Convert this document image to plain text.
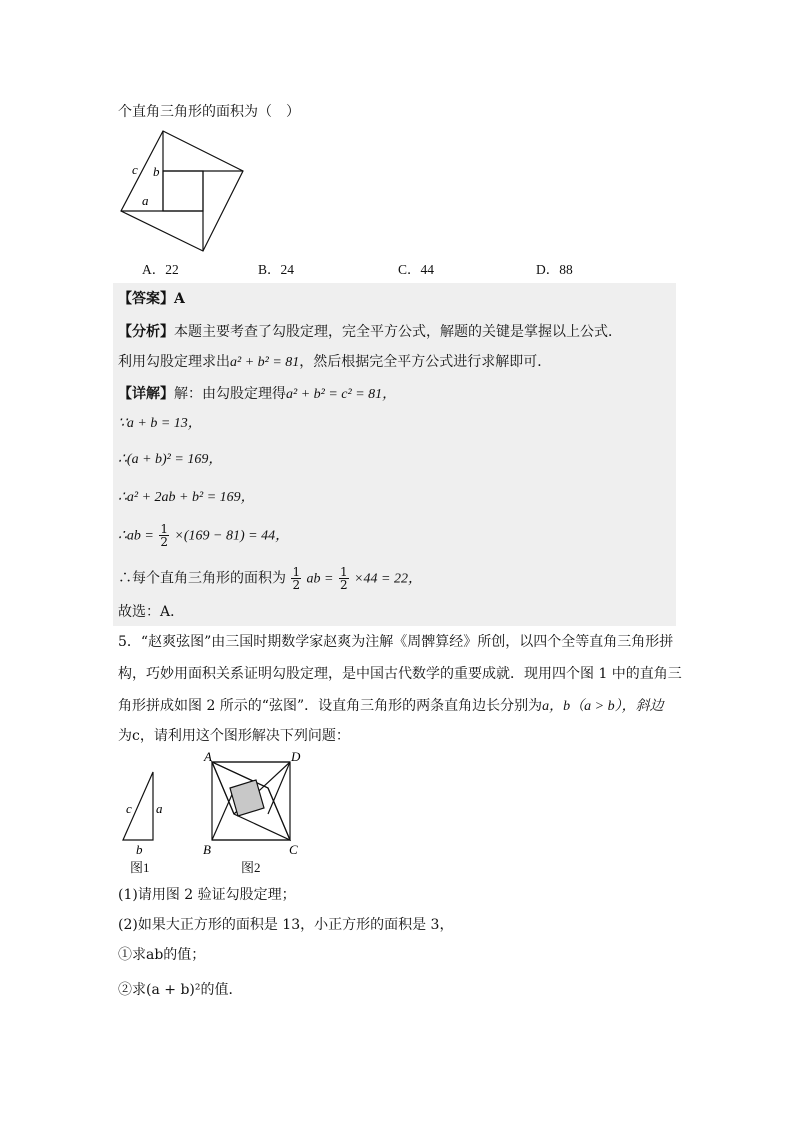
个直角三角形的面积为（　）
c b
a
A．22	B．24	C．44	D．88
【答案】A
【分析】本题主要考查了勾股定理，完全平方公式，解题的关键是掌握以上公式．
利用勾股定理求出a² + b² = 81，然后根据完全平方公式进行求解即可．
【详解】解：由勾股定理得a² + b² = c² = 81，
∵a + b = 13，
∴(a + b)² = 169，
∴a² + 2ab + b² = 169，
∴ab = $\frac{1}{2} \times(169 - 81) = 44$，
∴每个直角三角形的面积为 $\frac{1}{2}$ ab = $\frac{1}{2} \times 44 = 22$，
故选：A．
5．“赵爽弦图”由三国时期数学家赵爽为注解《周髀算经》所创，以四个全等直角三角形拼
构，巧妙用面积关系证明勾股定理，是中国古代数学的重要成就．现用四个图 1 中的直角三
角形拼成如图 2 所示的“弦图”．设直角三角形的两条直角边长分别为a，b（a > b），斜边
为c，请利用这个图形解决下列问题：
c a
b
A	D
B	C
图1	图2
(1)请用图 2 验证勾股定理；
(2)如果大正方形的面积是 13，小正方形的面积是 3，
①求ab的值；
②求(a + b)²的值．
